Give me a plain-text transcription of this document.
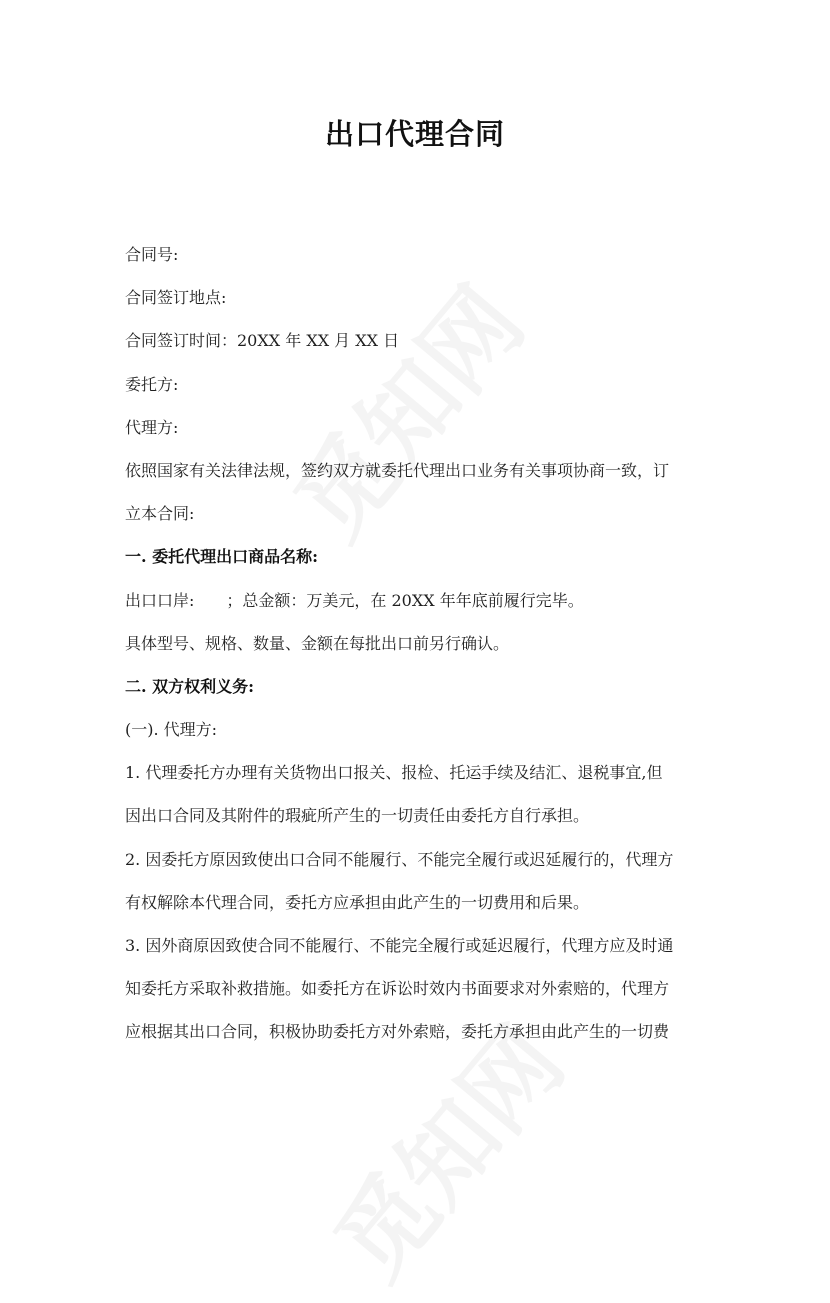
出口代理合同
合同号:
合同签订地点:
合同签订时间：20XX 年 XX 月 XX 日
委托方:
代理方:
依照国家有关法律法规，签约双方就委托代理出口业务有关事项协商一致，订
立本合同:
一. 委托代理出口商品名称:
出口口岸:　　；总金额：万美元，在 20XX 年年底前履行完毕。
具体型号、规格、数量、金额在每批出口前另行确认。
二. 双方权利义务:
(一). 代理方:
1. 代理委托方办理有关货物出口报关、报检、托运手续及结汇、退税事宜,但
因出口合同及其附件的瑕疵所产生的一切责任由委托方自行承担。
2. 因委托方原因致使出口合同不能履行、不能完全履行或迟延履行的，代理方
有权解除本代理合同，委托方应承担由此产生的一切费用和后果。
3. 因外商原因致使合同不能履行、不能完全履行或延迟履行，代理方应及时通
知委托方采取补救措施。如委托方在诉讼时效内书面要求对外索赔的，代理方
应根据其出口合同，积极协助委托方对外索赔，委托方承担由此产生的一切费
